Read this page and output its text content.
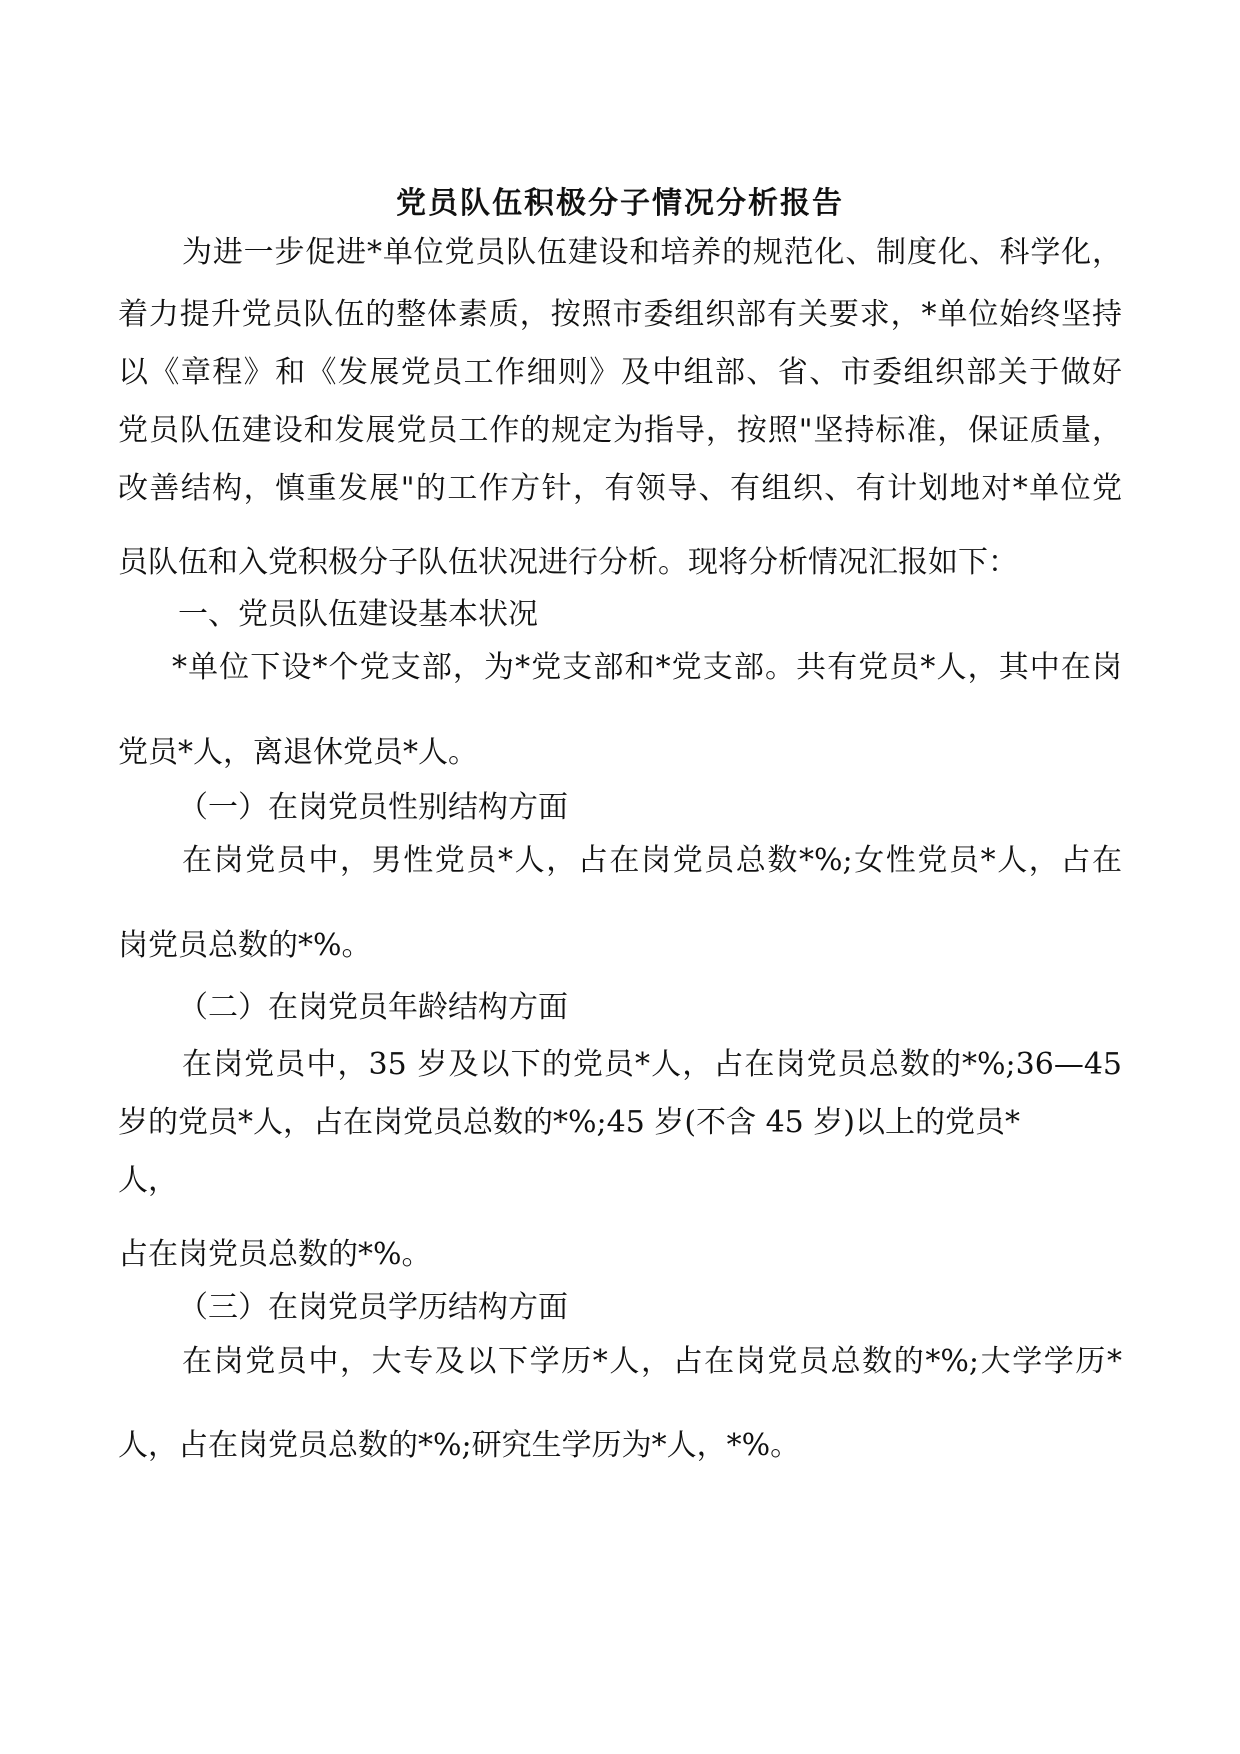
党员队伍积极分子情况分析报告
为进一步促进*单位党员队伍建设和培养的规范化、制度化、科学化，
着力提升党员队伍的整体素质，按照市委组织部有关要求，*单位始终坚持
以《章程》和《发展党员工作细则》及中组部、省、市委组织部关于做好
党员队伍建设和发展党员工作的规定为指导，按照"坚持标准，保证质量，
改善结构，慎重发展"的工作方针，有领导、有组织、有计划地对*单位党
员队伍和入党积极分子队伍状况进行分析。现将分析情况汇报如下：
一、党员队伍建设基本状况
*单位下设*个党支部，为*党支部和*党支部。共有党员*人，其中在岗
党员*人，离退休党员*人。
（一）在岗党员性别结构方面
在岗党员中，男性党员*人，占在岗党员总数*%;女性党员*人，占在
岗党员总数的*%。
（二）在岗党员年龄结构方面
在岗党员中，35 岁及以下的党员*人，占在岗党员总数的*%;36—45
岁的党员*人，占在岗党员总数的*%;45 岁(不含 45 岁)以上的党员*
人，
占在岗党员总数的*%。
（三）在岗党员学历结构方面
在岗党员中，大专及以下学历*人，占在岗党员总数的*%;大学学历*
人，占在岗党员总数的*%;研究生学历为*人，*%。
